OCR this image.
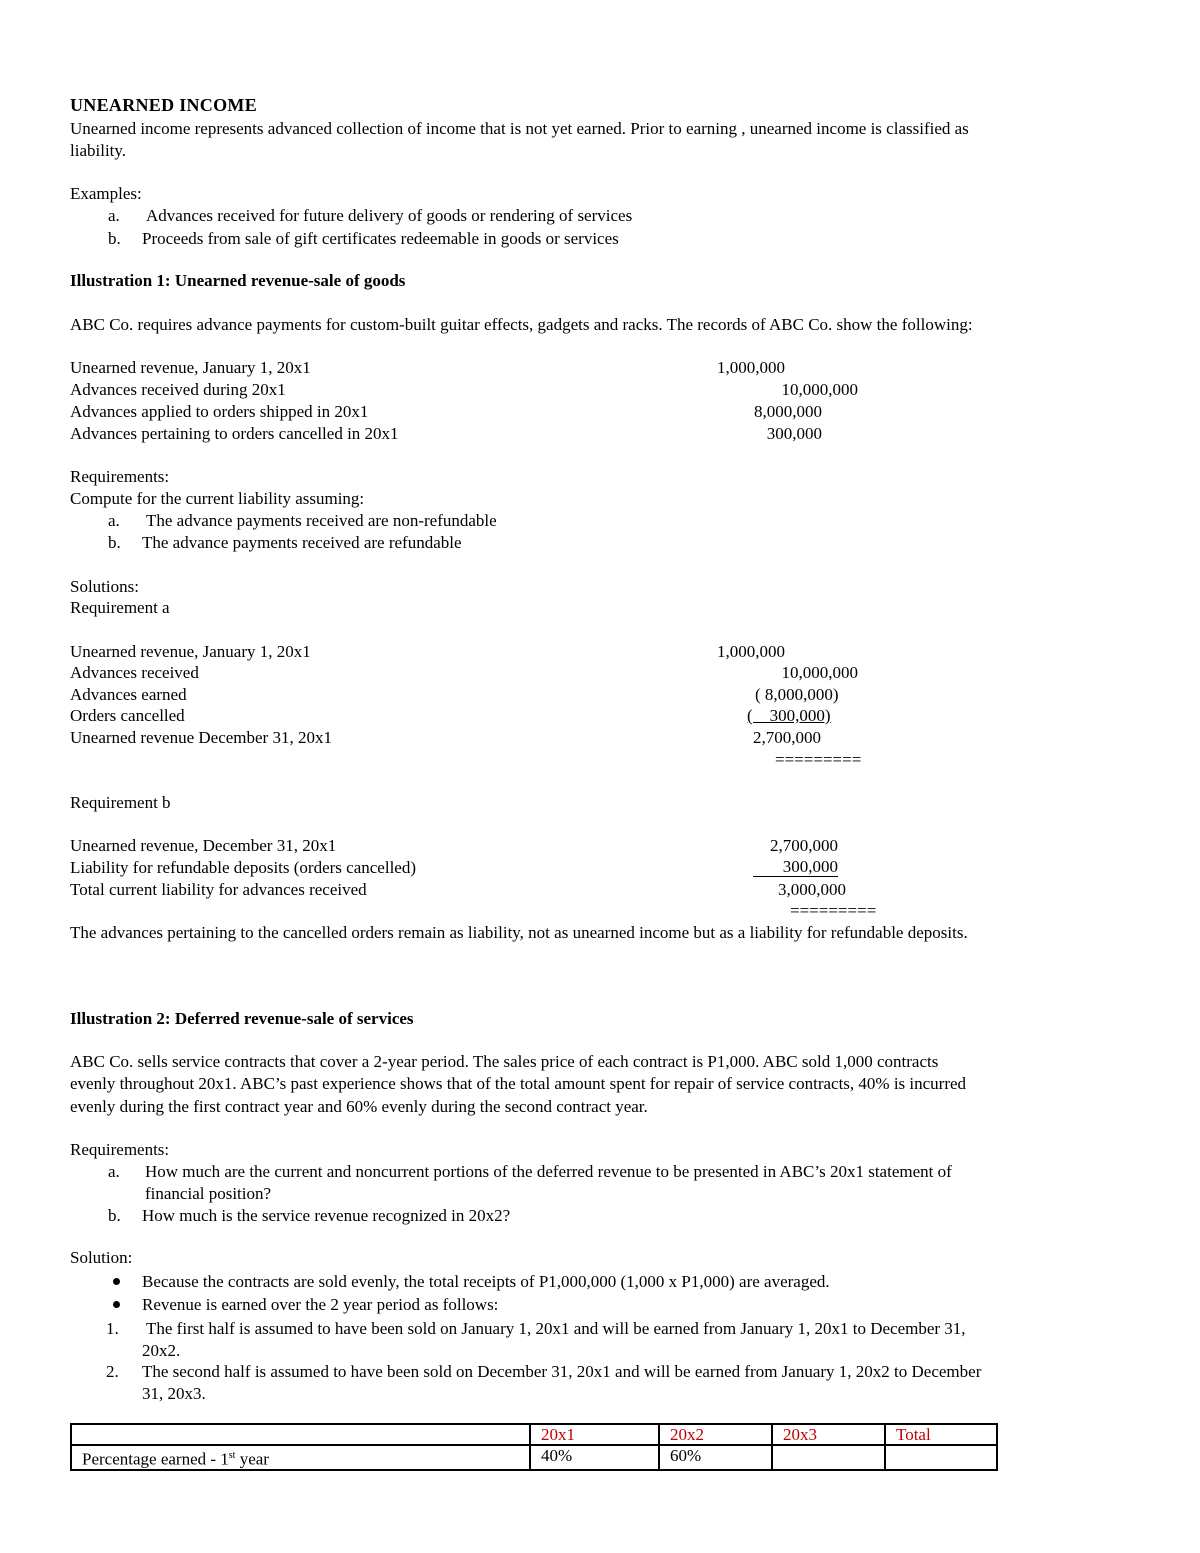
UNEARNED INCOME
Unearned income represents advanced collection of income that is not yet earned. Prior to earning , unearned income is classified as
liability.
Examples:
a. Advances received for future delivery of goods or rendering of services
b. Proceeds from sale of gift certificates redeemable in goods or services
Illustration 1: Unearned revenue-sale of goods
ABC Co. requires advance payments for custom-built guitar effects, gadgets and racks. The records of ABC Co. show the following:
Unearned revenue, January 1, 20x1	1,000,000
Advances received during 20x1	10,000,000
Advances applied to orders shipped in 20x1	8,000,000
Advances pertaining to orders cancelled in 20x1	300,000
Requirements:
Compute for the current liability assuming:
a. The advance payments received are non-refundable
b. The advance payments received are refundable
Solutions:
Requirement a
Unearned revenue, January 1, 20x1	1,000,000
Advances received	10,000,000
Advances earned	( 8,000,000)
Orders cancelled	(    300,000)
Unearned revenue December 31, 20x1	2,700,000
=========
Requirement b
Unearned revenue, December 31, 20x1	2,700,000
Liability for refundable deposits (orders cancelled)	300,000
Total current liability for advances received	3,000,000
=========
The advances pertaining to the cancelled orders remain as liability, not as unearned income but as a liability for refundable deposits.
Illustration 2: Deferred revenue-sale of services
ABC Co. sells service contracts that cover a 2-year period. The sales price of each contract is P1,000. ABC sold 1,000 contracts
evenly throughout 20x1. ABC’s past experience shows that of the total amount spent for repair of service contracts, 40% is incurred
evenly during the first contract year and 60% evenly during the second contract year.
Requirements:
a. How much are the current and noncurrent portions of the deferred revenue to be presented in ABC’s 20x1 statement of
financial position?
b. How much is the service revenue recognized in 20x2?
Solution:
Because the contracts are sold evenly, the total receipts of P1,000,000 (1,000 x P1,000) are averaged.
Revenue is earned over the 2 year period as follows:
1. The first half is assumed to have been sold on January 1, 20x1 and will be earned from January 1, 20x1 to December 31,
20x2.
2. The second half is assumed to have been sold on December 31, 20x1 and will be earned from January 1, 20x2 to December
31, 20x3.
	20x1	20x2	20x3	Total
Percentage earned - 1st year	40%	60%		
